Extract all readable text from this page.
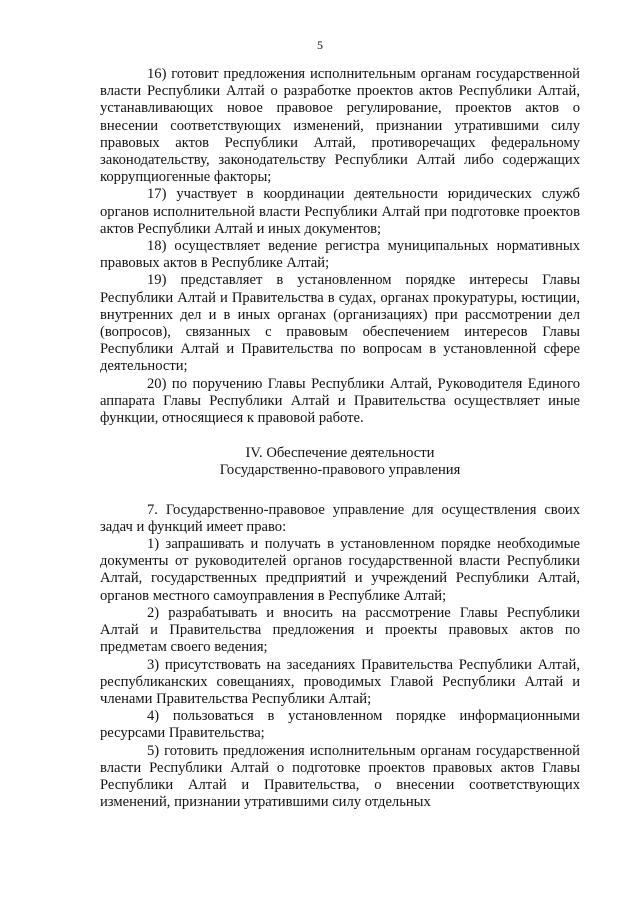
5

16) готовит предложения исполнительным органам государственной власти Республики Алтай о разработке проектов актов Республики Алтай, устанавливающих новое правовое регулирование, проектов актов о внесении соответствующих изменений, признании утратившими силу правовых актов Республики Алтай, противоречащих федеральному законодательству, законодательству Республики Алтай либо содержащих коррупциогенные факторы;

17) участвует в координации деятельности юридических служб органов исполнительной власти Республики Алтай при подготовке проектов актов Республики Алтай и иных документов;

18) осуществляет ведение регистра муниципальных нормативных правовых актов в Республике Алтай;

19) представляет в установленном порядке интересы Главы Республики Алтай и Правительства в судах, органах прокуратуры, юстиции, внутренних дел и в иных органах (организациях) при рассмотрении дел (вопросов), связанных с правовым обеспечением интересов Главы Республики Алтай и Правительства по вопросам в установленной сфере деятельности;

20) по поручению Главы Республики Алтай, Руководителя Единого аппарата Главы Республики Алтай и Правительства осуществляет иные функции, относящиеся к правовой работе.

IV. Обеспечение деятельности

Государственно-правового управления

7. Государственно-правовое управление для осуществления своих задач и функций имеет право:

1) запрашивать и получать в установленном порядке необходимые документы от руководителей органов государственной власти Республики Алтай, государственных предприятий и учреждений Республики Алтай, органов местного самоуправления в Республике Алтай;

2) разрабатывать и вносить на рассмотрение Главы Республики Алтай и Правительства предложения и проекты правовых актов по предметам своего ведения;

3) присутствовать на заседаниях Правительства Республики Алтай, республиканских совещаниях, проводимых Главой Республики Алтай и членами Правительства Республики Алтай;

4) пользоваться в установленном порядке информационными ресурсами Правительства;

5) готовить предложения исполнительным органам государственной власти Республики Алтай о подготовке проектов правовых актов Главы Республики Алтай и Правительства, о внесении соответствующих изменений, признании утратившими силу отдельных
